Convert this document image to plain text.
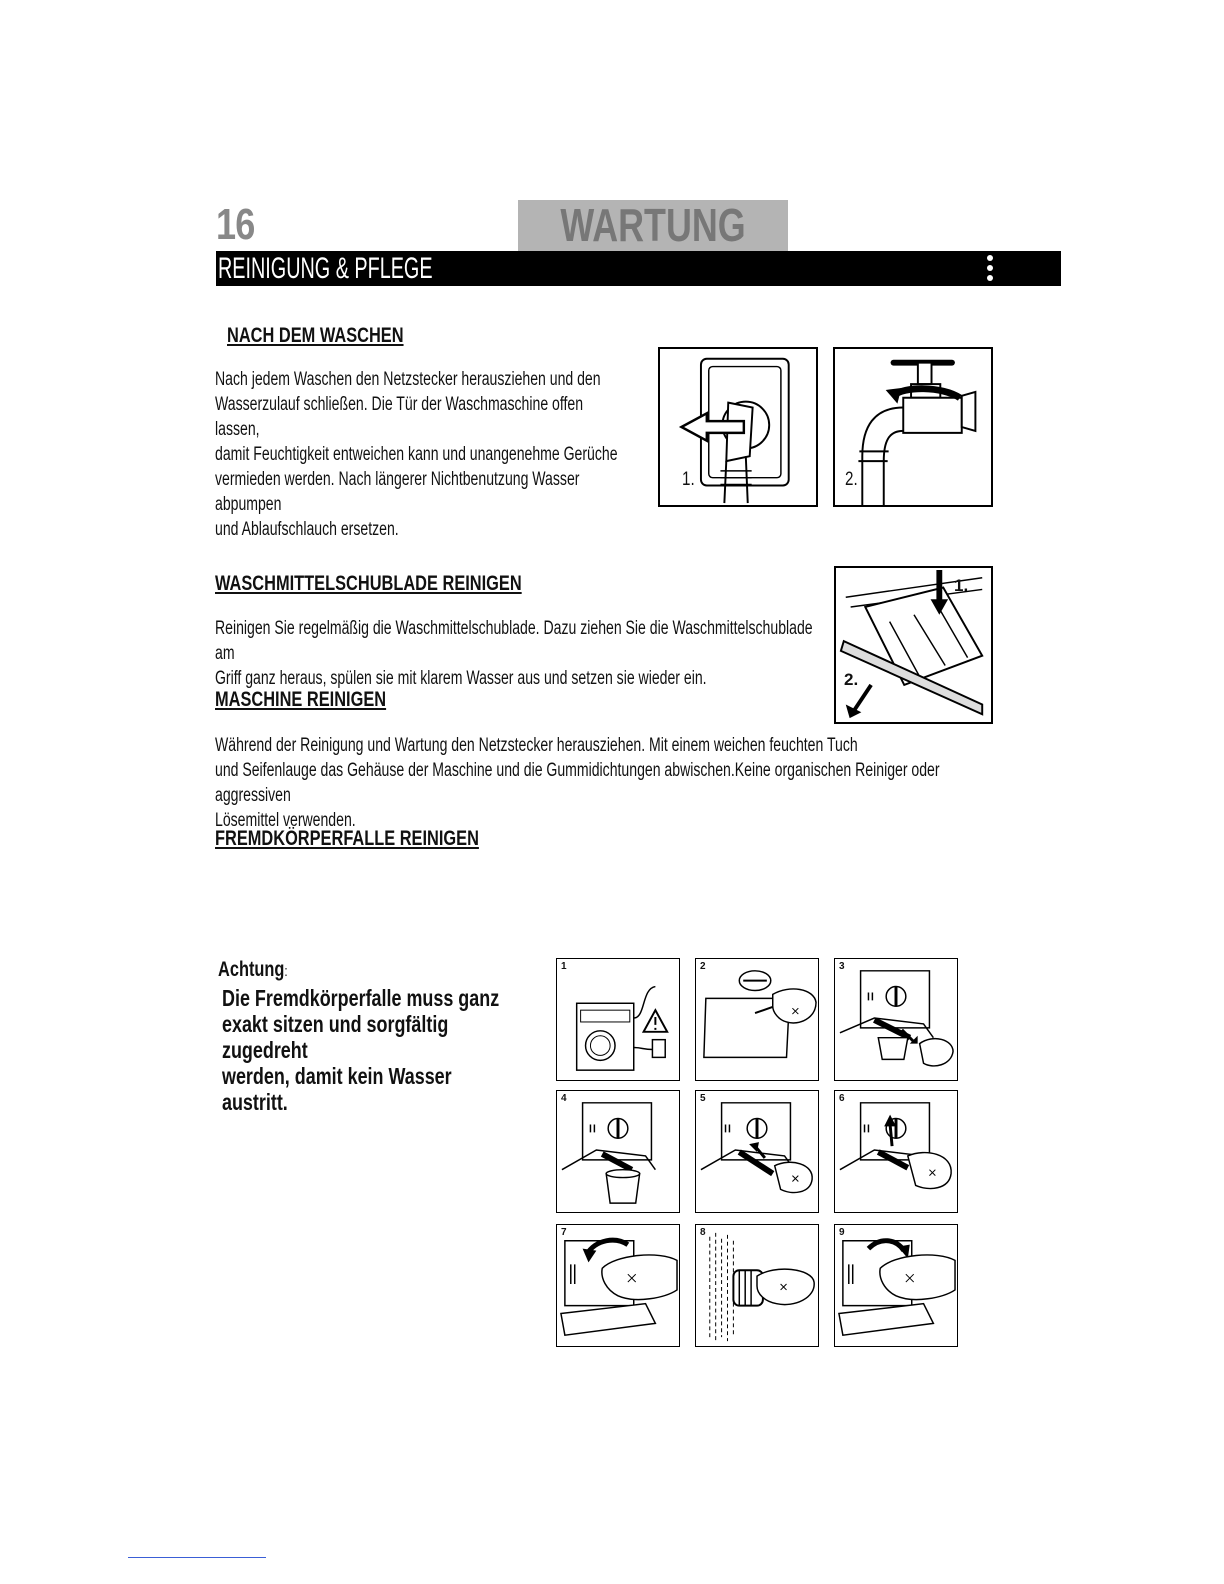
16	WARTUNG
REINIGUNG & PFLEGE
NACH DEM WASCHEN
Nach jedem Waschen den Netzstecker herausziehen und den
Wasserzulauf schließen. Die Tür der Waschmaschine offen lassen,
damit Feuchtigkeit entweichen kann und unangenehme Gerüche
vermieden werden. Nach längerer Nichtbenutzung Wasser abpumpen
und Ablaufschlauch ersetzen.
1.	2.
WASCHMITTELSCHUBLADE REINIGEN
Reinigen Sie regelmäßig die Waschmittelschublade. Dazu ziehen Sie die Waschmittelschublade am
Griff ganz heraus, spülen sie mit klarem Wasser aus und setzen sie wieder ein.
1.
2.
MASCHINE REINIGEN
Während der Reinigung und Wartung den Netzstecker herausziehen. Mit einem weichen feuchten Tuch
und Seifenlauge das Gehäuse der Maschine und die Gummidichtungen abwischen.Keine organischen Reiniger oder aggressiven
Lösemittel verwenden.
FREMDKÖRPERFALLE REINIGEN
Achtung:
Die Fremdkörperfalle muss ganz
exakt sitzen und sorgfältig zugedreht
werden, damit kein Wasser austritt.
1	2	3
4	5	6
7	8	9
